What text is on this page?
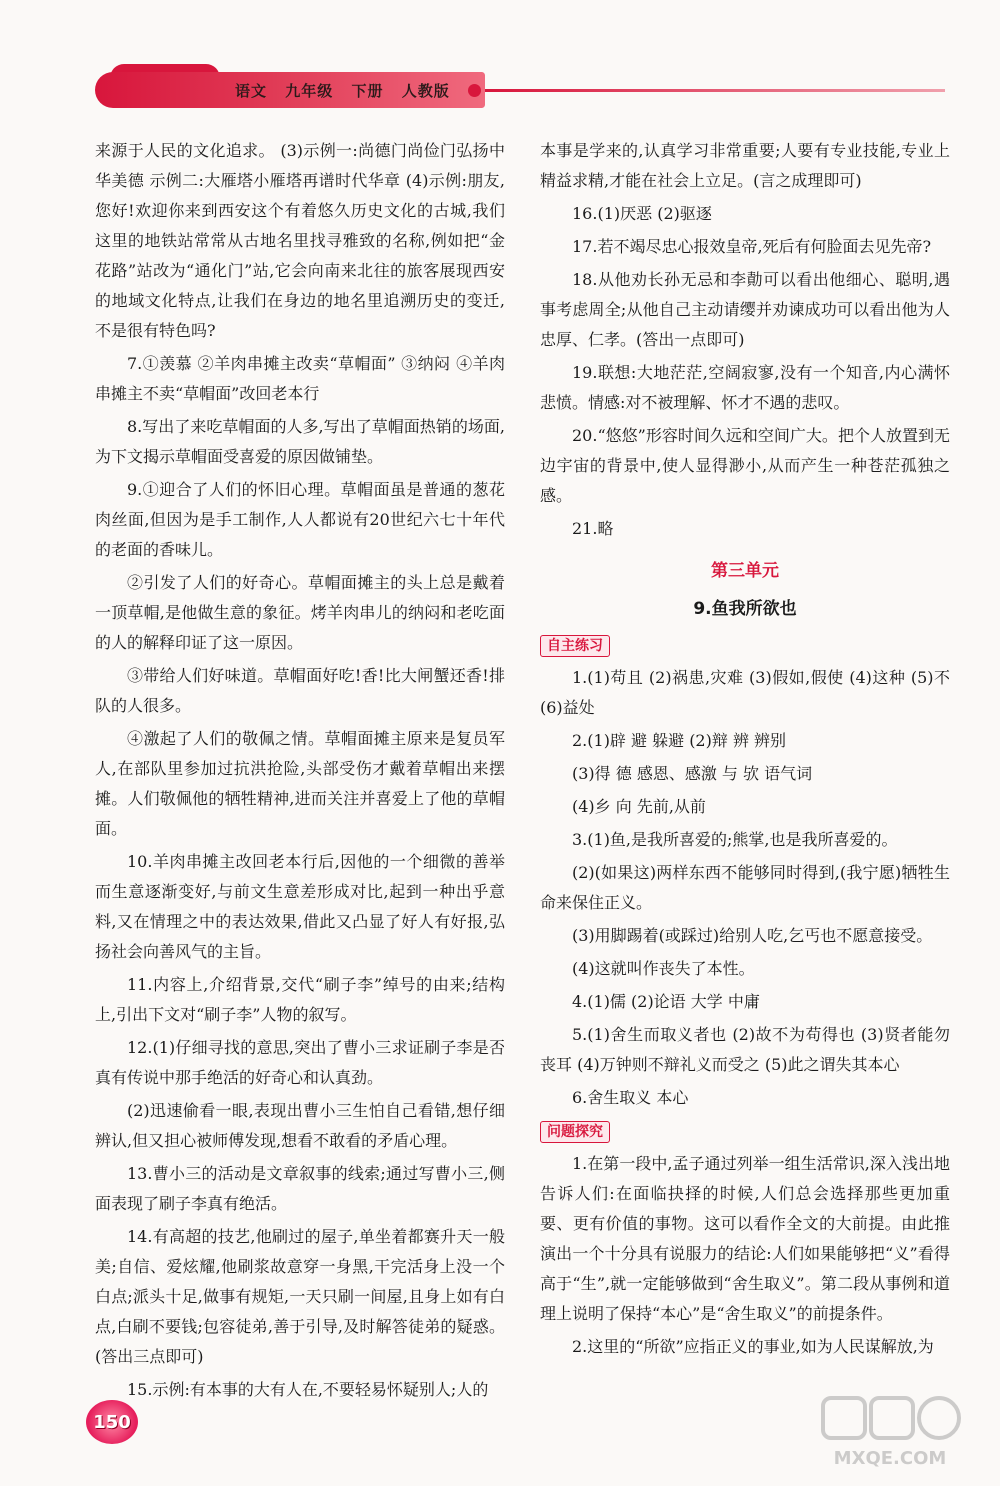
语文 九年级 下册 人教版

来源于人民的文化追求。 (3)示例一:尚德门尚俭门弘扬中华美德 示例二:大雁塔小雁塔再谱时代华章 (4)示例:朋友,您好!欢迎你来到西安这个有着悠久历史文化的古城,我们这里的地铁站常常从古地名里找寻雅致的名称,例如把“金花路”站改为“通化门”站,它会向南来北往的旅客展现西安的地域文化特点,让我们在身边的地名里追溯历史的变迁,不是很有特色吗?

7.①羡慕 ②羊肉串摊主改卖“草帽面” ③纳闷 ④羊肉串摊主不卖“草帽面”改回老本行

8.写出了来吃草帽面的人多,写出了草帽面热销的场面,为下文揭示草帽面受喜爱的原因做铺垫。

9.①迎合了人们的怀旧心理。草帽面虽是普通的葱花肉丝面,但因为是手工制作,人人都说有20世纪六七十年代的老面的香味儿。

②引发了人们的好奇心。草帽面摊主的头上总是戴着一顶草帽,是他做生意的象征。烤羊肉串儿的纳闷和老吃面的人的解释印证了这一原因。

③带给人们好味道。草帽面好吃!香!比大闸蟹还香!排队的人很多。

④激起了人们的敬佩之情。草帽面摊主原来是复员军人,在部队里参加过抗洪抢险,头部受伤才戴着草帽出来摆摊。人们敬佩他的牺牲精神,进而关注并喜爱上了他的草帽面。

10.羊肉串摊主改回老本行后,因他的一个细微的善举而生意逐渐变好,与前文生意差形成对比,起到一种出乎意料,又在情理之中的表达效果,借此又凸显了好人有好报,弘扬社会向善风气的主旨。

11.内容上,介绍背景,交代“刷子李”绰号的由来;结构上,引出下文对“刷子李”人物的叙写。

12.(1)仔细寻找的意思,突出了曹小三求证刷子李是否真有传说中那手绝活的好奇心和认真劲。

(2)迅速偷看一眼,表现出曹小三生怕自己看错,想仔细辨认,但又担心被师傅发现,想看不敢看的矛盾心理。

13.曹小三的活动是文章叙事的线索;通过写曹小三,侧面表现了刷子李真有绝活。

14.有高超的技艺,他刷过的屋子,单坐着都赛升天一般美;自信、爱炫耀,他刷浆故意穿一身黑,干完活身上没一个白点;派头十足,做事有规矩,一天只刷一间屋,且身上如有白点,白刷不要钱;包容徒弟,善于引导,及时解答徒弟的疑惑。(答出三点即可)

15.示例:有本事的大有人在,不要轻易怀疑别人;人的

本事是学来的,认真学习非常重要;人要有专业技能,专业上精益求精,才能在社会上立足。(言之成理即可)

16.(1)厌恶 (2)驱逐

17.若不竭尽忠心报效皇帝,死后有何脸面去见先帝?

18.从他劝长孙无忌和李勣可以看出他细心、聪明,遇事考虑周全;从他自己主动请缨并劝谏成功可以看出他为人忠厚、仁孝。(答出一点即可)

19.联想:大地茫茫,空阔寂寥,没有一个知音,内心满怀悲愤。情感:对不被理解、怀才不遇的悲叹。

20.“悠悠”形容时间久远和空间广大。把个人放置到无边宇宙的背景中,使人显得渺小,从而产生一种苍茫孤独之感。

21.略

第三单元
9.鱼我所欲也
自主练习

1.(1)苟且 (2)祸患,灾难 (3)假如,假使 (4)这种 (5)不 (6)益处

2.(1)辟 避 躲避 (2)辩 辨 辨别

(3)得 德 感恩、感激 与 欤 语气词

(4)乡 向 先前,从前

3.(1)鱼,是我所喜爱的;熊掌,也是我所喜爱的。

(2)(如果这)两样东西不能够同时得到,(我宁愿)牺牲生命来保住正义。

(3)用脚踢着(或踩过)给别人吃,乞丐也不愿意接受。

(4)这就叫作丧失了本性。

4.(1)儒 (2)论语 大学 中庸

5.(1)舍生而取义者也 (2)故不为苟得也 (3)贤者能勿丧耳 (4)万钟则不辩礼义而受之 (5)此之谓失其本心

6.舍生取义 本心

问题探究

1.在第一段中,孟子通过列举一组生活常识,深入浅出地告诉人们:在面临抉择的时候,人们总会选择那些更加重要、更有价值的事物。这可以看作全文的大前提。由此推演出一个十分具有说服力的结论:人们如果能够把“义”看得高于“生”,就一定能够做到“舍生取义”。第二段从事例和道理上说明了保持“本心”是“舍生取义”的前提条件。

2.这里的“所欲”应指正义的事业,如为人民谋解放,为

150
MXQE.COM
